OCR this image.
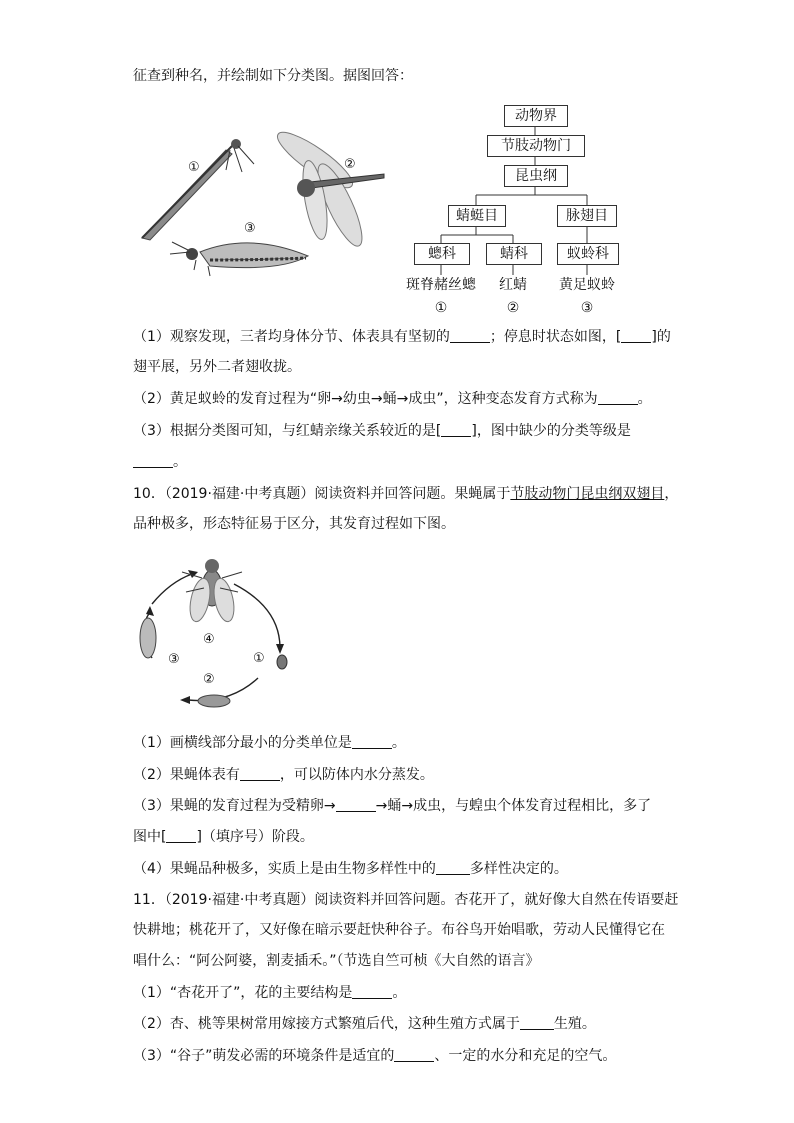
征查到种名，并绘制如下分类图。据图回答：
①	②
③
动物界
节肢动物门
昆虫纲
蜻蜓目	脉翅目
蟌科	蜻科	蚁蛉科
斑脊赭丝蟌	红蜻	黄足蚁蛉
①	②	③
（1）观察发现，三者均身体分节、体表具有坚韧的	；停息时状态如图，[ ]的
翅平展，另外二者翅收拢。
（2）黄足蚁蛉的发育过程为“卵→幼虫→蛹→成虫”，这种变态发育方式称为	。
（3）根据分类图可知，与红蜻亲缘关系较近的是[ ]，图中缺少的分类等级是
。
10．（2019·福建·中考真题）阅读资料并回答问题。果蝇属于节肢动物门昆虫纲双翅目，
品种极多，形态特征易于区分，其发育过程如下图。
④
①
②
③
（1）画横线部分最小的分类单位是	。
（2）果蝇体表有	，可以防体内水分蒸发。
（3）果蝇的发育过程为受精卵→	→蛹→成虫，与蝗虫个体发育过程相比，多了
图中[ ]（填序号）阶段。
（4）果蝇品种极多，实质上是由生物多样性中的 多样性决定的。
11．（2019·福建·中考真题）阅读资料并回答问题。杏花开了，就好像大自然在传语要赶
快耕地；桃花开了，又好像在暗示要赶快种谷子。布谷鸟开始唱歌，劳动人民懂得它在
唱什么：“阿公阿婆，割麦插禾。”（节选自竺可桢《大自然的语言》
（1）“杏花开了”，花的主要结构是	。
（2）杏、桃等果树常用嫁接方式繁殖后代，这种生殖方式属于 生殖。
（3）“谷子”萌发必需的环境条件是适宜的	、一定的水分和充足的空气。
